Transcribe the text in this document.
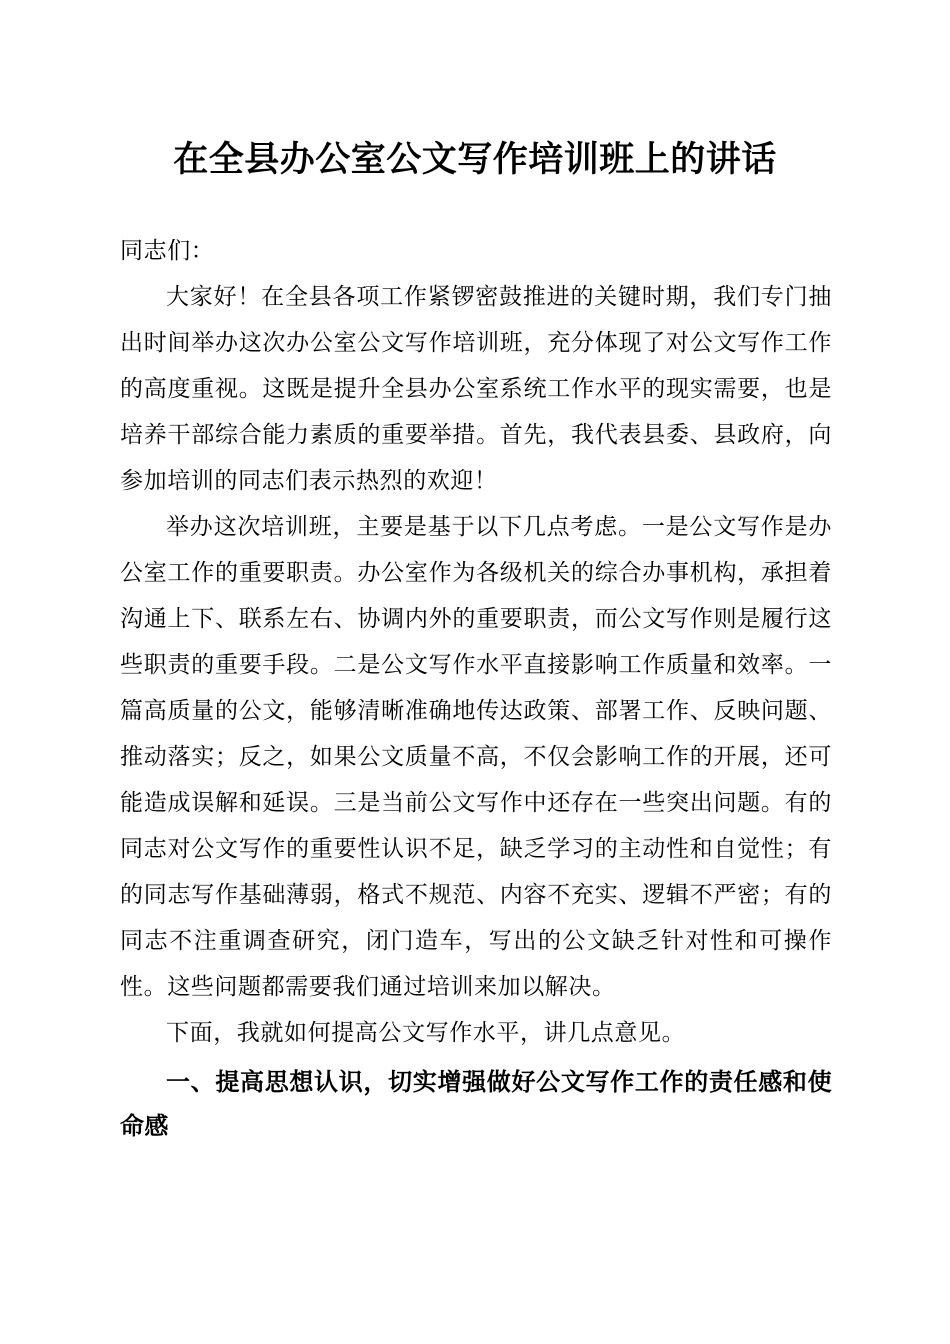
在全县办公室公文写作培训班上的讲话

同志们：

大家好！在全县各项工作紧锣密鼓推进的关键时期，我们专门抽出时间举办这次办公室公文写作培训班，充分体现了对公文写作工作的高度重视。这既是提升全县办公室系统工作水平的现实需要，也是培养干部综合能力素质的重要举措。首先，我代表县委、县政府，向参加培训的同志们表示热烈的欢迎！

举办这次培训班，主要是基于以下几点考虑。一是公文写作是办公室工作的重要职责。办公室作为各级机关的综合办事机构，承担着沟通上下、联系左右、协调内外的重要职责，而公文写作则是履行这些职责的重要手段。二是公文写作水平直接影响工作质量和效率。一篇高质量的公文，能够清晰准确地传达政策、部署工作、反映问题、推动落实；反之，如果公文质量不高，不仅会影响工作的开展，还可能造成误解和延误。三是当前公文写作中还存在一些突出问题。有的同志对公文写作的重要性认识不足，缺乏学习的主动性和自觉性；有的同志写作基础薄弱，格式不规范、内容不充实、逻辑不严密；有的同志不注重调查研究，闭门造车，写出的公文缺乏针对性和可操作性。这些问题都需要我们通过培训来加以解决。

下面，我就如何提高公文写作水平，讲几点意见。

一、提高思想认识，切实增强做好公文写作工作的责任感和使命感
